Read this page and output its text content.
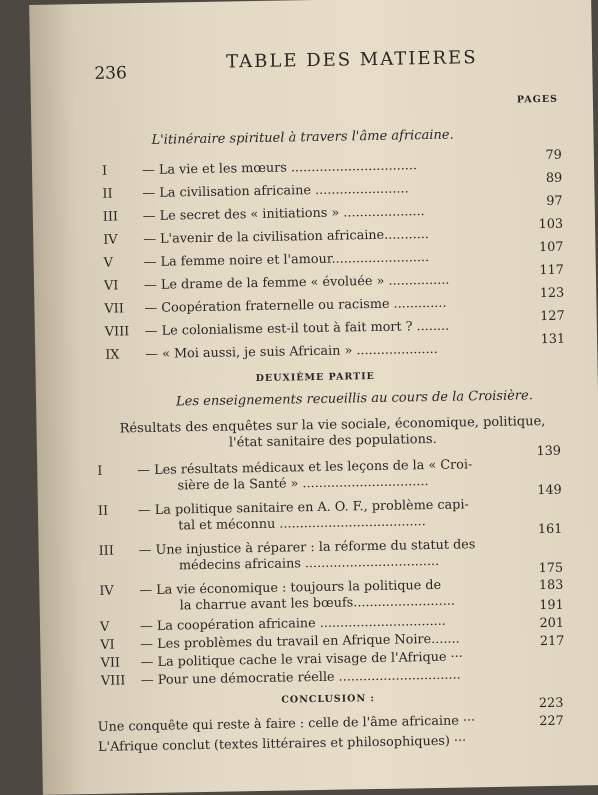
236
TABLE DES MATIERES
PAGES
L'itinéraire spirituel à travers l'âme africaine.
I	— La vie et les mœurs ...............................
79
II — La civilisation africaine .......................
89
III — Le secret des « initiations » ....................
97
IV — L'avenir de la civilisation africaine...........
103
V — La femme noire et l'amour........................
107
VI — Le drame de la femme « évoluée » ...............
117
VII — Coopération fraternelle ou racisme .............
123
VIII — Le colonialisme est-il tout à fait mort ? ........
127
IX — « Moi aussi, je suis Africain » ....................
131
DEUXIÈME PARTIE
Les enseignements recueillis au cours de la Croisière.
Résultats des enquêtes sur la vie sociale, économique, politique,
l'état sanitaire des populations.
I	— Les résultats médicaux et les leçons de la « Croi-
sière de la Santé » ...............................
139
II — La politique sanitaire en A. O. F., problème capi-
tal et méconnu ....................................
149
III — Une injustice à réparer : la réforme du statut des
médecins africains .................................
161
IV — La vie économique : toujours la politique de
la charrue avant les bœufs.........................
175
183
V — La coopération africaine ...............................
191
VI — Les problèmes du travail en Afrique Noire.......
201
VII — La politique cache le vrai visage de l'Afrique ···
217
VIII — Pour une démocratie réelle ..............................
CONCLUSION :
Une conquête qui reste à faire : celle de l'âme africaine ···
223
L'Afrique conclut (textes littéraires et philosophiques) ···
227
